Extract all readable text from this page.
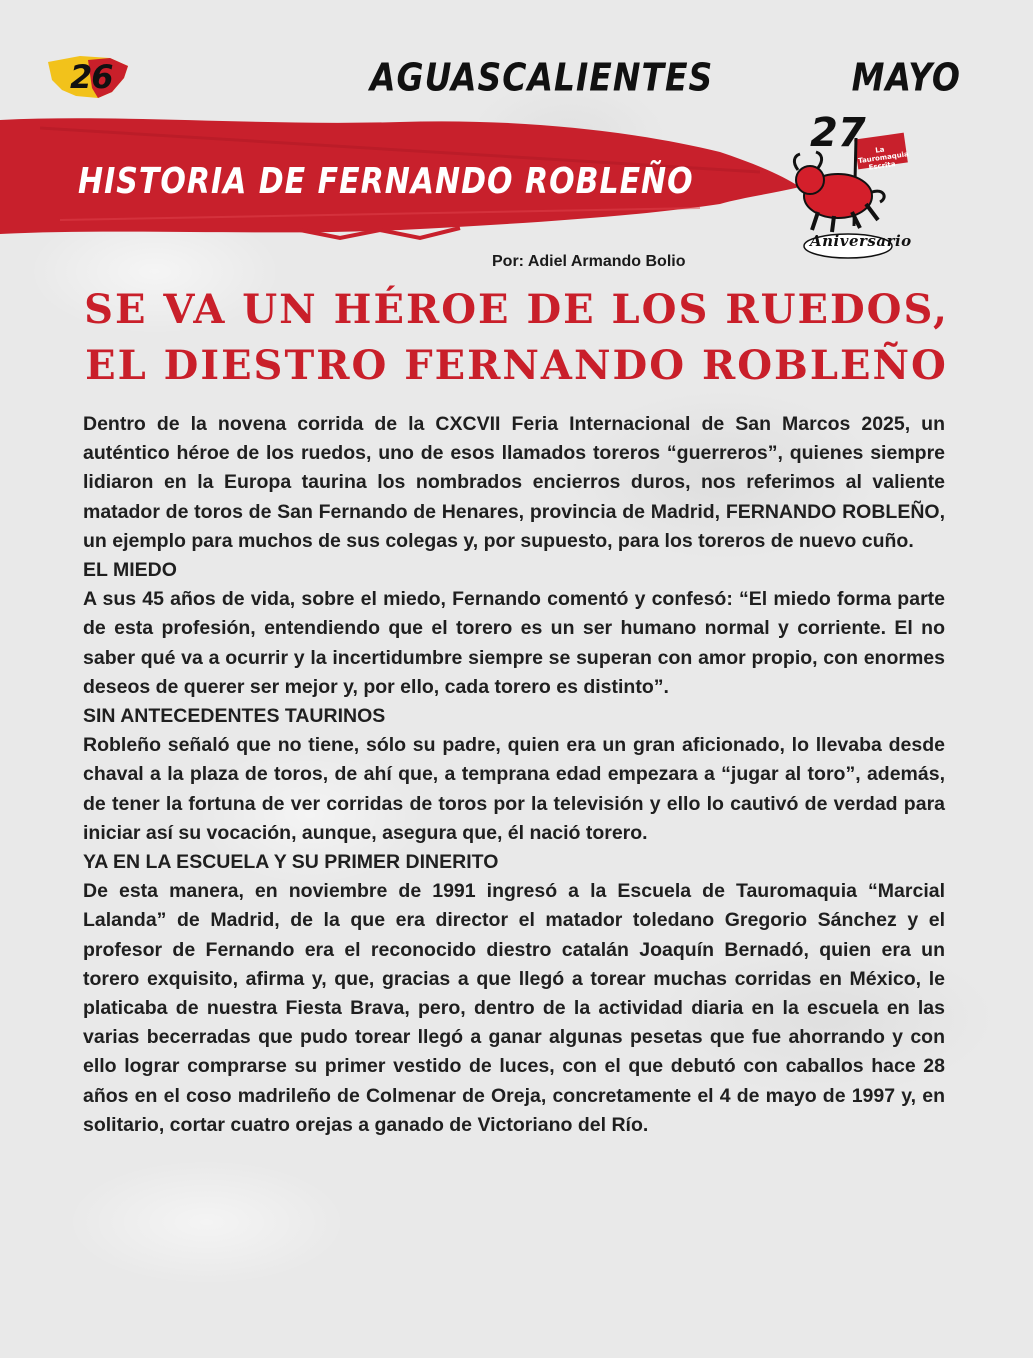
26	AGUASCALIENTES	MAYO
HISTORIA DE FERNANDO ROBLEÑO
27	La Tauromaquia Escrita
Aniversario
Por: Adiel Armando Bolio
SE VA UN HÉROE DE LOS RUEDOS,
EL DIESTRO FERNANDO ROBLEÑO

Dentro de la novena corrida de la CXCVII Feria Internacional de San Marcos 2025, un auténtico héroe de los ruedos, uno de esos llamados toreros “guerreros”, quienes siempre lidiaron en la Europa taurina los nombrados encierros duros, nos referimos al valiente matador de toros de San Fernando de Henares, provincia de Madrid, FERNANDO ROBLEÑO, un ejemplo para muchos de sus colegas y, por supuesto, para los toreros de nuevo cuño.

EL MIEDO

A sus 45 años de vida, sobre el miedo, Fernando comentó y confesó: “El miedo forma parte de esta profesión, entendiendo que el torero es un ser humano normal y corriente. El no saber qué va a ocurrir y la incertidumbre siempre se superan con amor propio, con enormes deseos de querer ser mejor y, por ello, cada torero es distinto”.

SIN ANTECEDENTES TAURINOS

Robleño señaló que no tiene, sólo su padre, quien era un gran aficionado, lo llevaba desde chaval a la plaza de toros, de ahí que, a temprana edad empezara a “jugar al toro”, además, de tener la fortuna de ver corridas de toros por la televisión y ello lo cautivó de verdad para iniciar así su vocación, aunque, asegura que, él nació torero.

YA EN LA ESCUELA Y SU PRIMER DINERITO

De esta manera, en noviembre de 1991 ingresó a la Escuela de Tauromaquia “Marcial Lalanda” de Madrid, de la que era director el matador toledano Gregorio Sánchez y el profesor de Fernando era el reconocido diestro catalán Joaquín Bernadó, quien era un torero exquisito, afirma y, que, gracias a que llegó a torear muchas corridas en México, le platicaba de nuestra Fiesta Brava, pero, dentro de la actividad diaria en la escuela en las varias becerradas que pudo torear llegó a ganar algunas pesetas que fue ahorrando y con ello lograr comprarse su primer vestido de luces, con el que debutó con caballos hace 28 años en el coso madrileño de Colmenar de Oreja, concretamente el 4 de mayo de 1997 y, en solitario, cortar cuatro orejas a ganado de Victoriano del Río.
